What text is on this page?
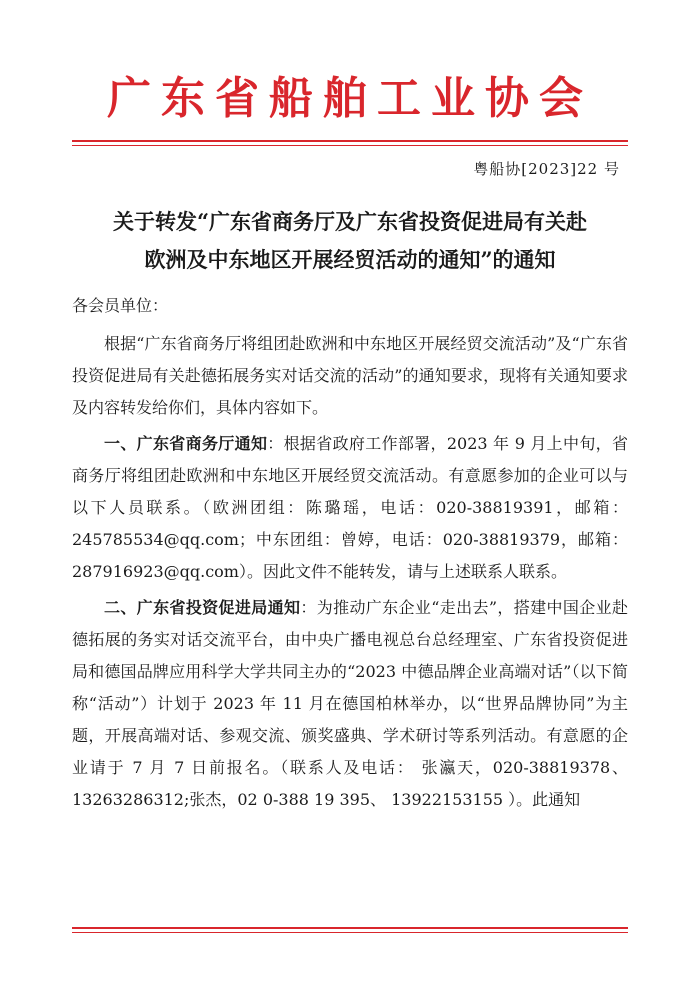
广东省船舶工业协会
粤船协[2023]22 号
关于转发“广东省商务厅及广东省投资促进局有关赴
欧洲及中东地区开展经贸活动的通知”的通知
各会员单位：

根据“广东省商务厅将组团赴欧洲和中东地区开展经贸交流活动”及“广东省投资促进局有关赴德拓展务实对话交流的活动”的通知要求，现将有关通知要求及内容转发给你们，具体内容如下。

一、广东省商务厅通知：根据省政府工作部署，2023 年 9 月上中旬，省商务厅将组团赴欧洲和中东地区开展经贸交流活动。有意愿参加的企业可以与以下人员联系。（欧洲团组：陈璐瑶，电话：020-38819391，邮箱：245785534@qq.com；中东团组：曾婷，电话：020-38819379，邮箱：287916923@qq.com）。因此文件不能转发，请与上述联系人联系。

二、广东省投资促进局通知：为推动广东企业“走出去”，搭建中国企业赴德拓展的务实对话交流平台，由中央广播电视总台总经理室、广东省投资促进局和德国品牌应用科学大学共同主办的“2023 中德品牌企业高端对话”（以下简称“活动”）计划于 2023 年 11 月在德国柏林举办，以“世界品牌协同”为主题，开展高端对话、参观交流、颁奖盛典、学术研讨等系列活动。有意愿的企业请于 7 月 7 日前报名。（联系人及电话： 张瀛天，020-38819378、13263286312;张杰，02 0-388 19 395、 13922153155 ）。此通知
